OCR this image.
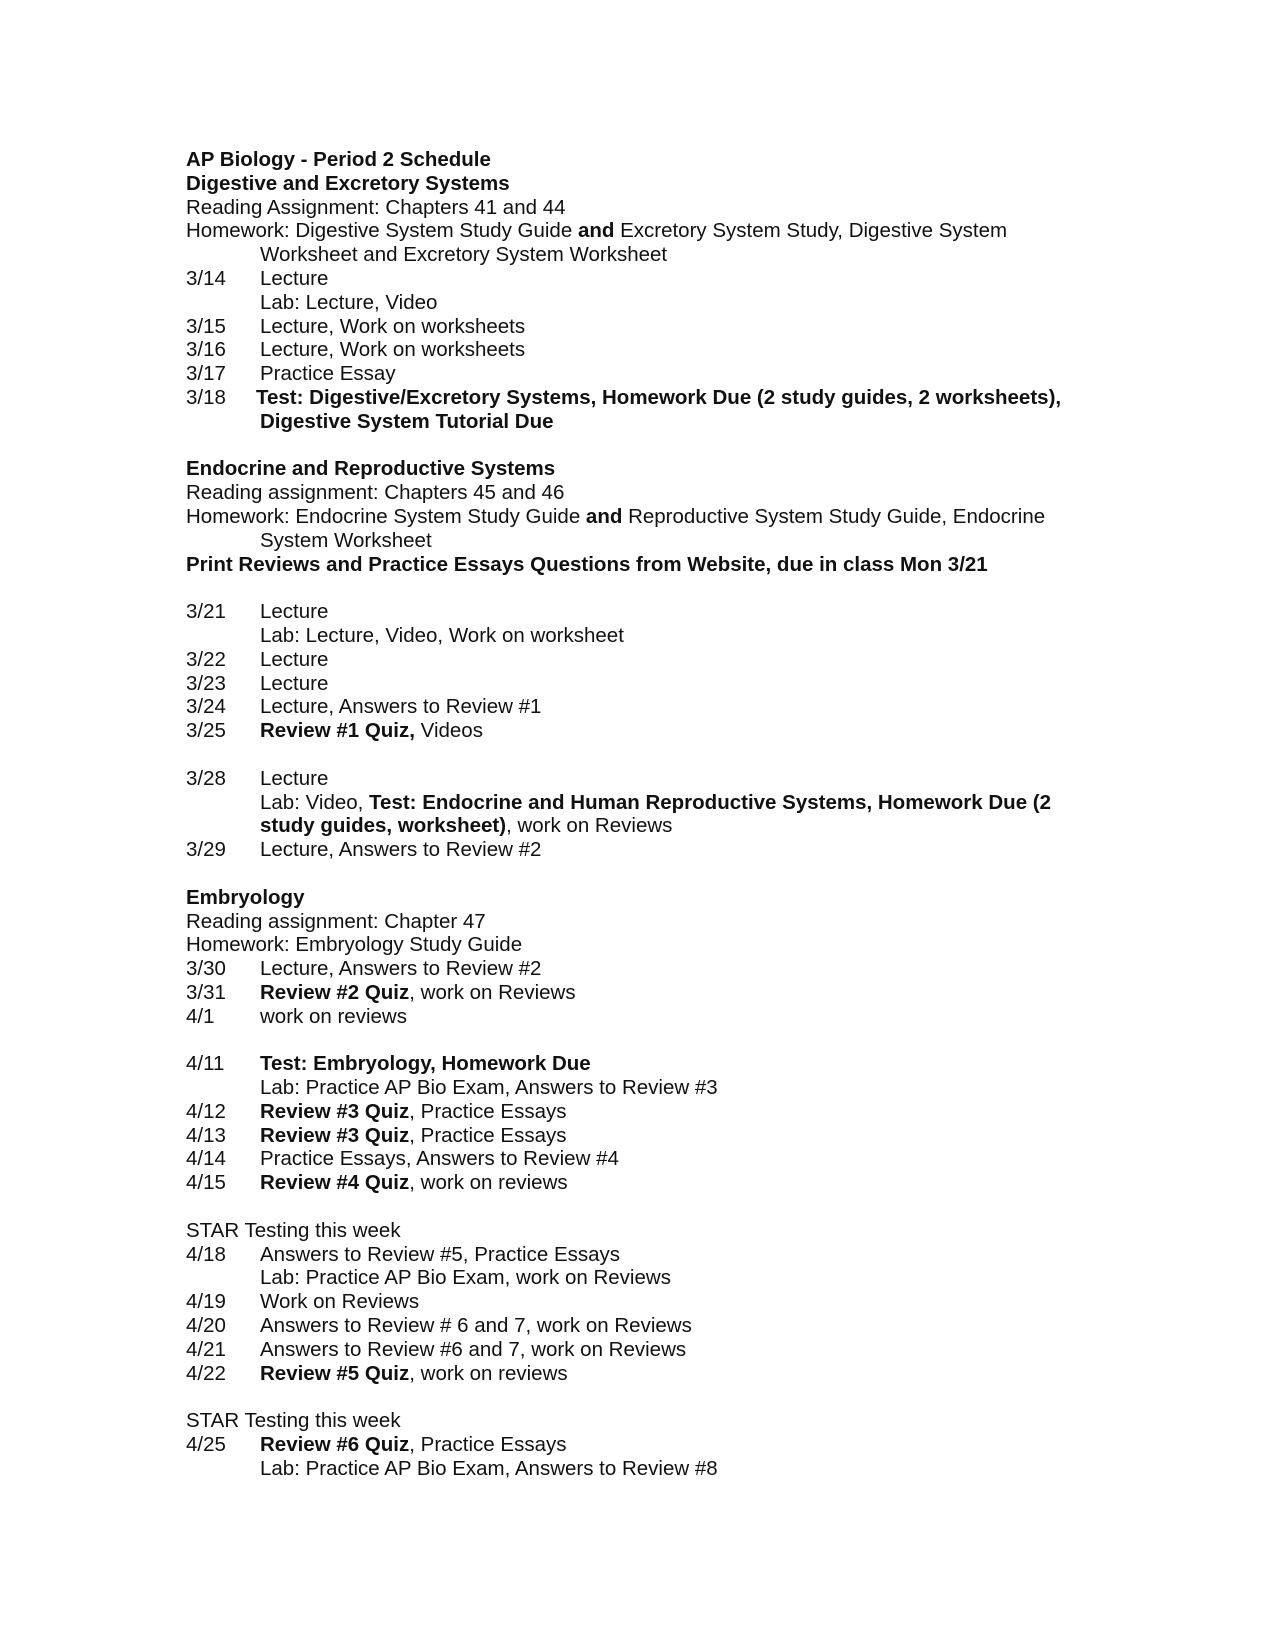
AP Biology - Period 2 Schedule
Digestive and Excretory Systems
Reading Assignment: Chapters 41 and 44
Homework: Digestive System Study Guide and Excretory System Study, Digestive System
Worksheet and Excretory System Worksheet
3/14	Lecture
Lab: Lecture, Video
3/15	Lecture, Work on worksheets
3/16	Lecture, Work on worksheets
3/17	Practice Essay
3/18	Test: Digestive/Excretory Systems, Homework Due (2 study guides, 2 worksheets),
Digestive System Tutorial Due
Endocrine and Reproductive Systems
Reading assignment: Chapters 45 and 46
Homework: Endocrine System Study Guide and Reproductive System Study Guide, Endocrine
System Worksheet
Print Reviews and Practice Essays Questions from Website, due in class Mon 3/21
3/21	Lecture
Lab: Lecture, Video, Work on worksheet
3/22	Lecture
3/23	Lecture
3/24	Lecture, Answers to Review #1
3/25	Review #1 Quiz, Videos
3/28	Lecture
Lab: Video, Test: Endocrine and Human Reproductive Systems, Homework Due (2
study guides, worksheet), work on Reviews
3/29	Lecture, Answers to Review #2
Embryology
Reading assignment: Chapter 47
Homework: Embryology Study Guide
3/30	Lecture, Answers to Review #2
3/31	Review #2 Quiz, work on Reviews
4/1	work on reviews
4/11	Test: Embryology, Homework Due
Lab: Practice AP Bio Exam, Answers to Review #3
4/12	Review #3 Quiz, Practice Essays
4/13	Review #3 Quiz, Practice Essays
4/14	Practice Essays, Answers to Review #4
4/15	Review #4 Quiz, work on reviews
STAR Testing this week
4/18	Answers to Review #5, Practice Essays
Lab: Practice AP Bio Exam, work on Reviews
4/19	Work on Reviews
4/20	Answers to Review # 6 and 7, work on Reviews
4/21	Answers to Review #6 and 7, work on Reviews
4/22	Review #5 Quiz, work on reviews
STAR Testing this week
4/25	Review #6 Quiz, Practice Essays
Lab: Practice AP Bio Exam, Answers to Review #8
